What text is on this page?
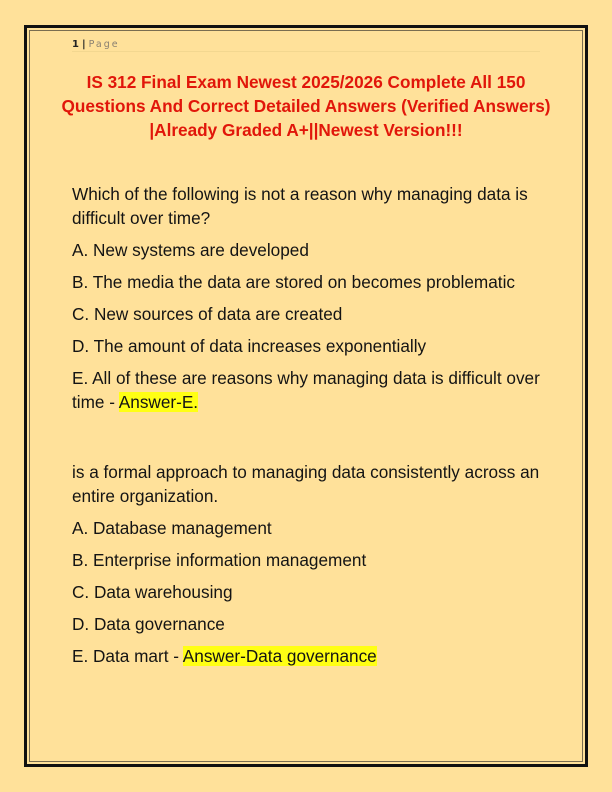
1 | Page
IS 312 Final Exam Newest 2025/2026 Complete All 150 Questions And Correct Detailed Answers (Verified Answers) |Already Graded A+||Newest Version!!!

Which of the following is not a reason why managing data is difficult over time?

A. New systems are developed

B. The media the data are stored on becomes problematic

C. New sources of data are created

D. The amount of data increases exponentially

E. All of these are reasons why managing data is difficult over time - Answer-E.

is a formal approach to managing data consistently across an entire organization.

A. Database management

B. Enterprise information management

C. Data warehousing

D. Data governance

E. Data mart - Answer-Data governance
